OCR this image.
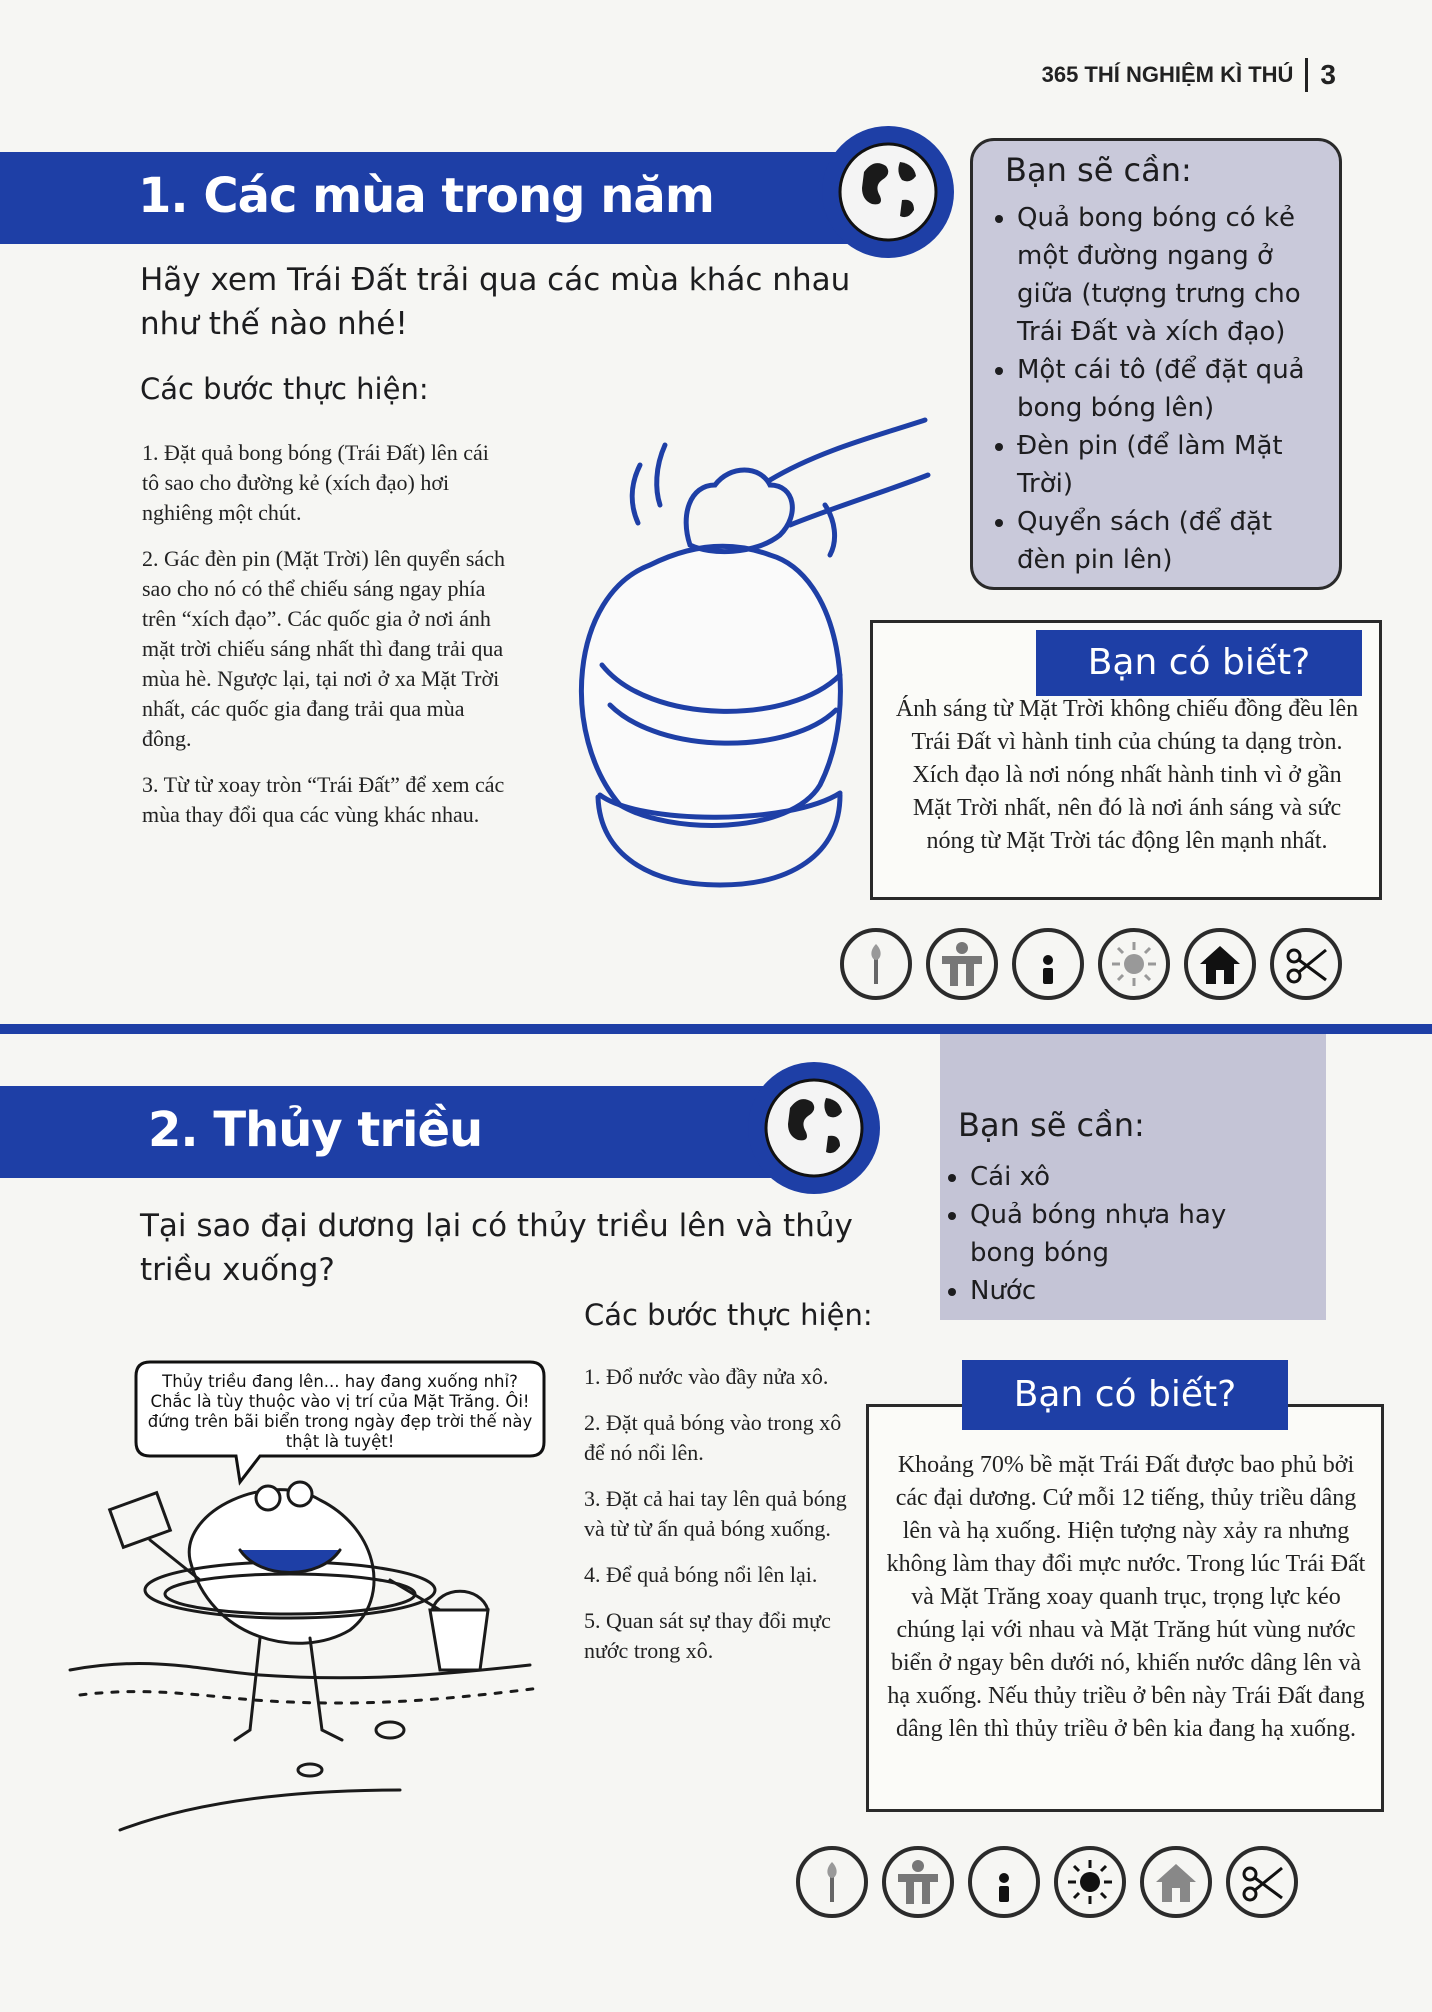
365 THÍ NGHIỆM KÌ THÚ 3
1. Các mùa trong năm
Hãy xem Trái Đất trải qua các mùa khác nhau như thế nào nhé!
Các bước thực hiện:
1. Đặt quả bong bóng (Trái Đất) lên cái tô sao cho đường kẻ (xích đạo) hơi nghiêng một chút.
2. Gác đèn pin (Mặt Trời) lên quyển sách sao cho nó có thể chiếu sáng ngay phía trên “xích đạo”. Các quốc gia ở nơi ánh mặt trời chiếu sáng nhất thì đang trải qua mùa hè. Ngược lại, tại nơi ở xa Mặt Trời nhất, các quốc gia đang trải qua mùa đông.
3. Từ từ xoay tròn “Trái Đất” để xem các mùa thay đổi qua các vùng khác nhau.
Bạn sẽ cần:
• Quả bong bóng có kẻ một đường ngang ở giữa (tượng trưng cho Trái Đất và xích đạo)
• Một cái tô (để đặt quả bong bóng lên)
• Đèn pin (để làm Mặt Trời)
• Quyển sách (để đặt đèn pin lên)
Ánh sáng từ Mặt Trời không chiếu đồng đều lên Trái Đất vì hành tinh của chúng ta dạng tròn. Xích đạo là nơi nóng nhất hành tinh vì ở gần Mặt Trời nhất, nên đó là nơi ánh sáng và sức nóng từ Mặt Trời tác động lên mạnh nhất.
Bạn có biết?
2. Thủy triều
Tại sao đại dương lại có thủy triều lên và thủy triều xuống?
Bạn sẽ cần:
• Cái xô
• Quả bóng nhựa hay bong bóng
• Nước
Các bước thực hiện:
1. Đổ nước vào đầy nửa xô.
2. Đặt quả bóng vào trong xô để nó nổi lên.
3. Đặt cả hai tay lên quả bóng và từ từ ấn quả bóng xuống.
4. Để quả bóng nổi lên lại.
5. Quan sát sự thay đổi mực nước trong xô.
Thủy triều đang lên... hay đang xuống nhỉ? Chắc là tùy thuộc vào vị trí của Mặt Trăng. Ôi! đứng trên bãi biển trong ngày đẹp trời thế này thật là tuyệt!
Khoảng 70% bề mặt Trái Đất được bao phủ bởi các đại dương. Cứ mỗi 12 tiếng, thủy triều dâng lên và hạ xuống. Hiện tượng này xảy ra nhưng không làm thay đổi mực nước. Trong lúc Trái Đất và Mặt Trăng xoay quanh trục, trọng lực kéo chúng lại với nhau và Mặt Trăng hút vùng nước biển ở ngay bên dưới nó, khiến nước dâng lên và hạ xuống. Nếu thủy triều ở bên này Trái Đất đang dâng lên thì thủy triều ở bên kia đang hạ xuống.
Bạn có biết?
